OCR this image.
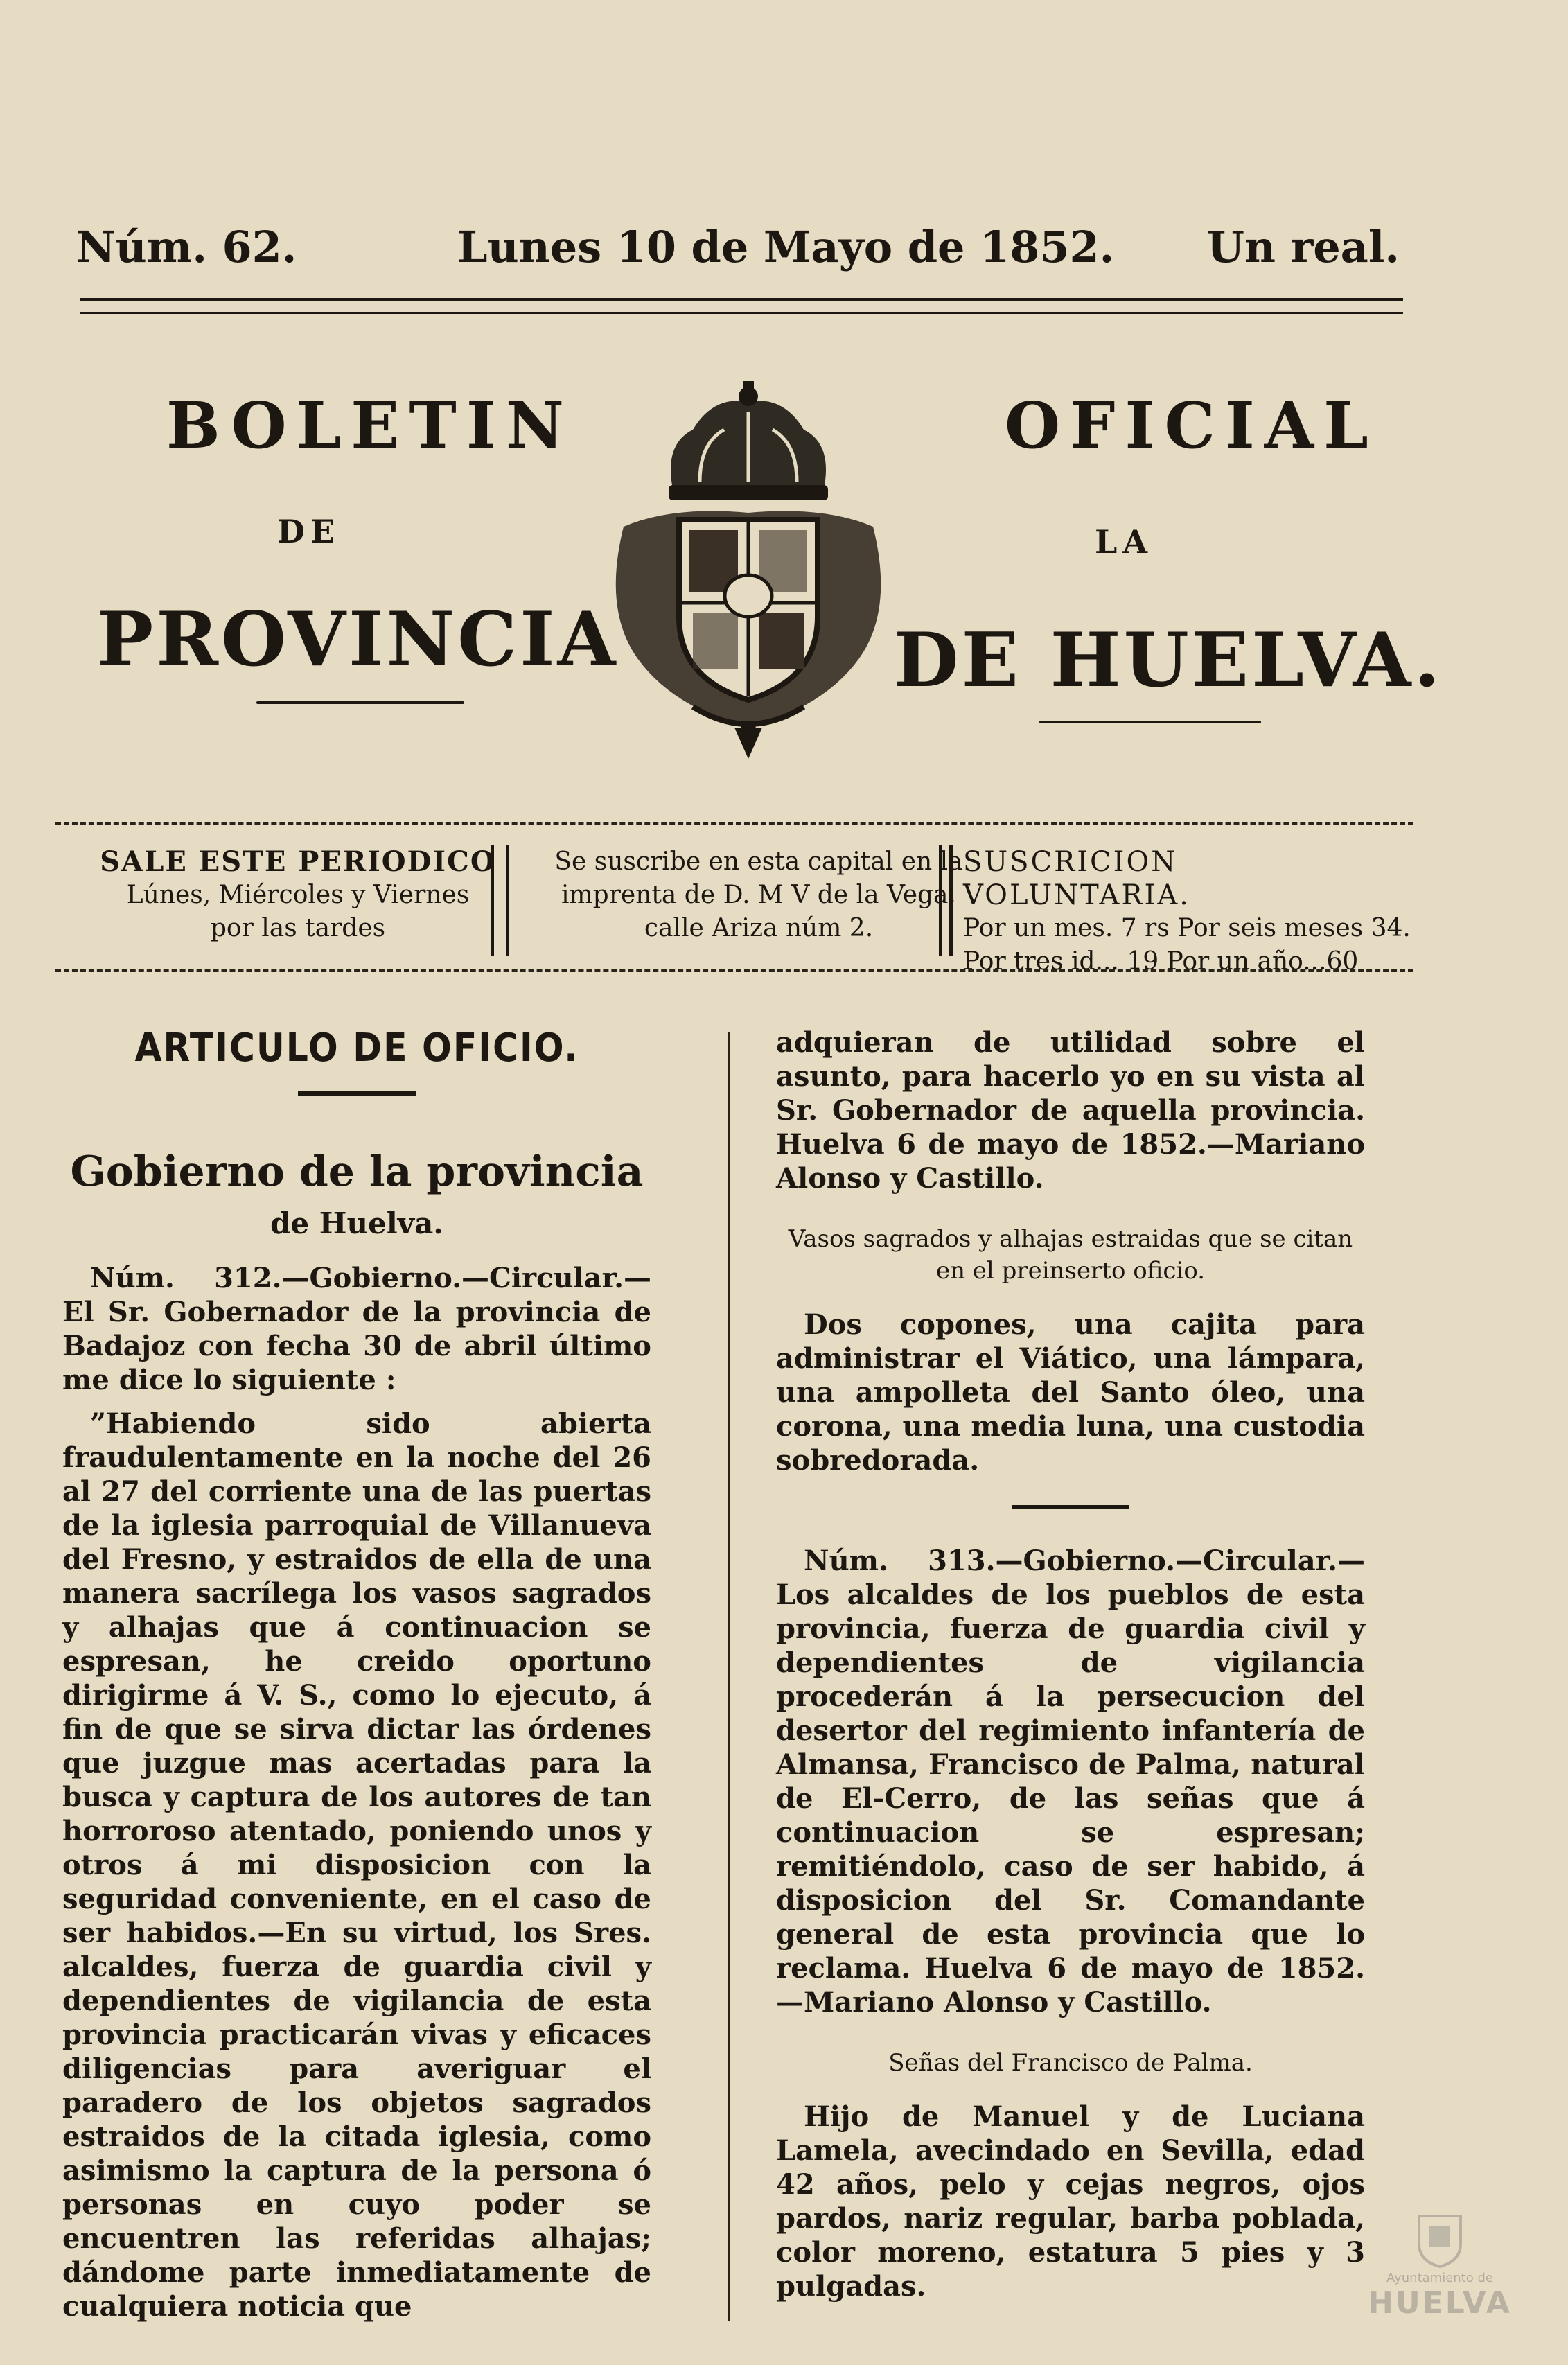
Núm. 62.	Lunes 10 de Mayo de 1852. Un real.
BOLETIN	OFICIAL
DE	LA
PROVINCIA	DE HUELVA.
SALE ESTE PERIODICO
Lúnes, Miércoles y Viernes
por las tardes
Se suscribe en esta capital en la
imprenta de D. M V de la Vega,
calle Ariza núm 2.
SUSCRICION VOLUNTARIA.
Por un mes. 7 rs Por seis meses 34.
Por tres id... 19 Por un año...60
ARTICULO DE OFICIO.
Gobierno de la provincia
de Huelva.

Núm. 312.—Gobierno.—Circular.— El Sr. Gobernador de la provincia de Badajoz con fecha 30 de abril último me dice lo siguiente :

”Habiendo sido abierta fraudulentamente en la noche del 26 al 27 del corriente una de las puertas de la iglesia parroquial de Villanueva del Fresno, y estraidos de ella de una manera sacrílega los vasos sagrados y alhajas que á continuacion se espresan, he creido oportuno dirigirme á V. S., como lo ejecuto, á fin de que se sirva dictar las órdenes que juzgue mas acertadas para la busca y captura de los autores de tan horroroso atentado, poniendo unos y otros á mi disposicion con la seguridad conveniente, en el caso de ser habidos.—En su virtud, los Sres. alcaldes, fuerza de guardia civil y dependientes de vigilancia de esta provincia practicarán vivas y eficaces diligencias para averiguar el paradero de los objetos sagrados estraidos de la citada iglesia, como asimismo la captura de la persona ó personas en cuyo poder se encuentren las referidas alhajas; dándome parte inmediatamente de cualquiera noticia que

adquieran de utilidad sobre el asunto, para hacerlo yo en su vista al Sr. Gobernador de aquella provincia. Huelva 6 de mayo de 1852.—Mariano Alonso y Castillo.

Vasos sagrados y alhajas estraidas que se citan en el preinserto oficio.

Dos copones, una cajita para administrar el Viático, una lámpara, una ampolleta del Santo óleo, una corona, una media luna, una custodia sobredorada.

Núm. 313.—Gobierno.—Circular.— Los alcaldes de los pueblos de esta provincia, fuerza de guardia civil y dependientes de vigilancia procederán á la persecucion del desertor del regimiento infantería de Almansa, Francisco de Palma, natural de El-Cerro, de las señas que á continuacion se espresan; remitiéndolo, caso de ser habido, á disposicion del Sr. Comandante general de esta provincia que lo reclama. Huelva 6 de mayo de 1852. —Mariano Alonso y Castillo.

Señas del Francisco de Palma.

Hijo de Manuel y de Luciana Lamela, avecindado en Sevilla, edad 42 años, pelo y cejas negros, ojos pardos, nariz regular, barba poblada, color moreno, estatura 5 pies y 3 pulgadas.	Ayuntamiento de
HUELVA
